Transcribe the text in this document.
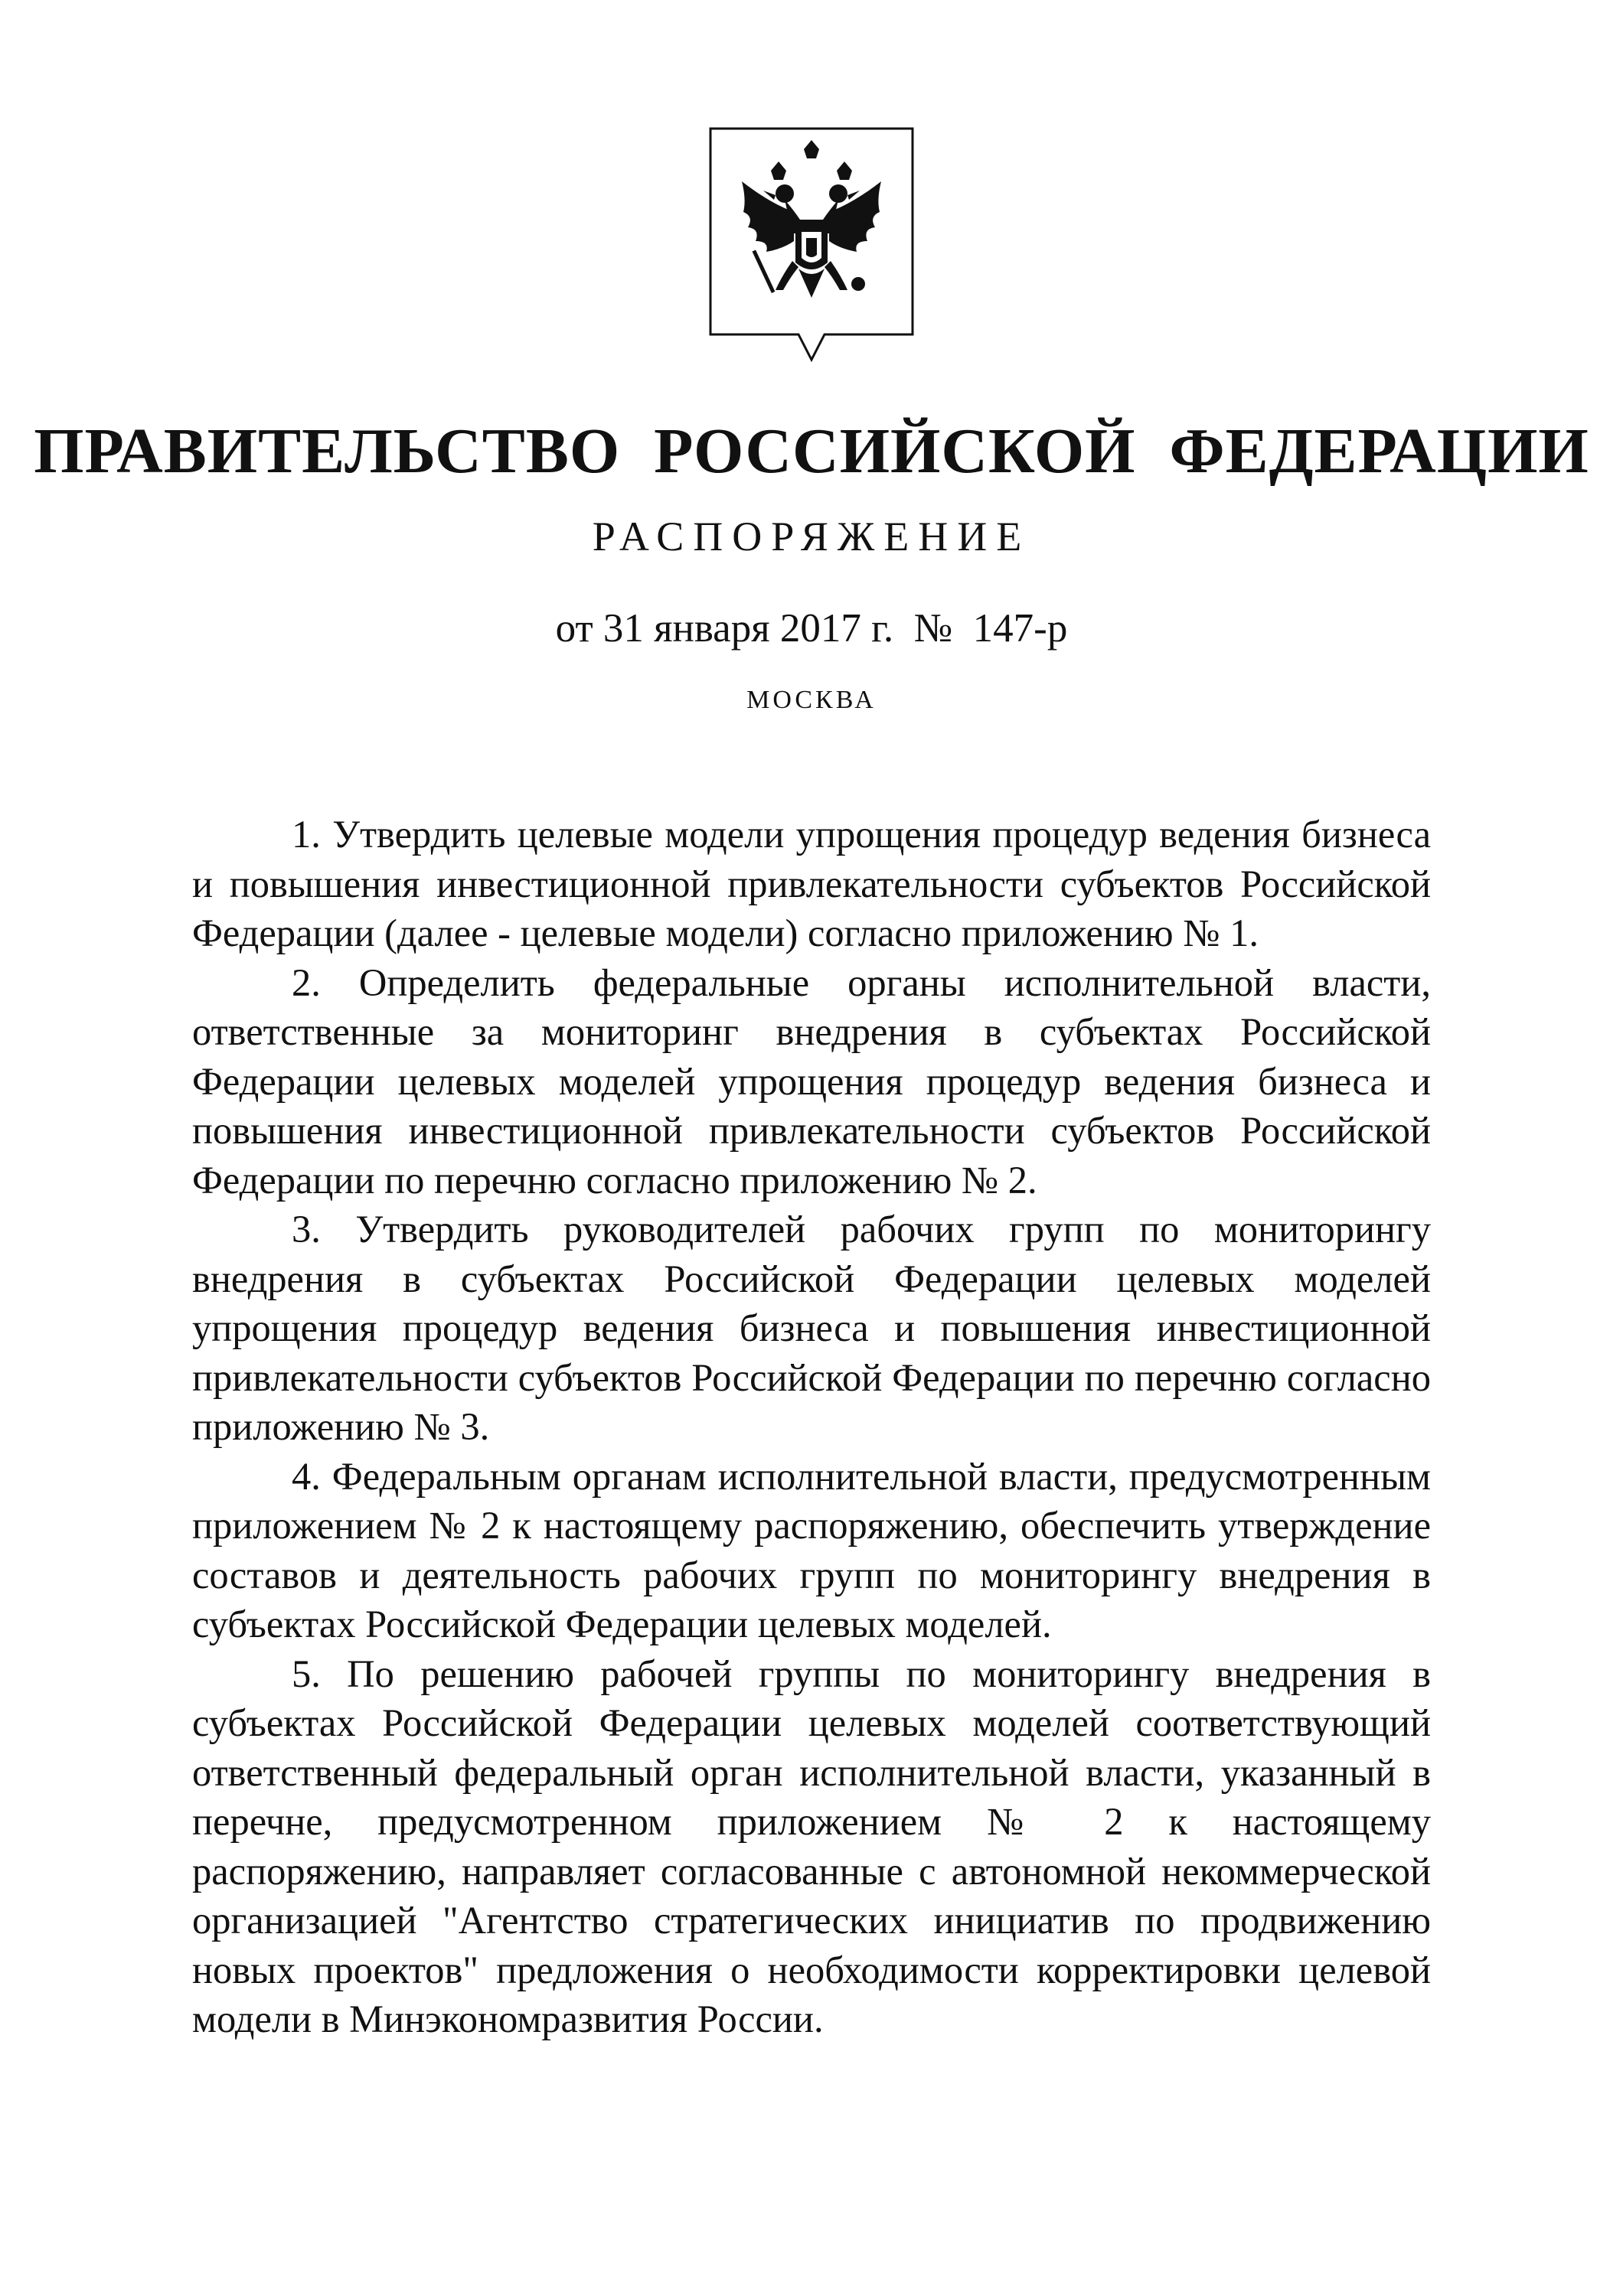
ПРАВИТЕЛЬСТВО РОССИЙСКОЙ ФЕДЕРАЦИИ
РАСПОРЯЖЕНИЕ
от 31 января 2017 г.  №  147-р
МОСКВА

1. Утвердить целевые модели упрощения процедур ведения бизнеса и повышения инвестиционной привлекательности субъектов Российской Федерации (далее - целевые модели) согласно приложению № 1.

2. Определить федеральные органы исполнительной власти, ответственные за мониторинг внедрения в субъектах Российской Федерации целевых моделей упрощения процедур ведения бизнеса и повышения инвестиционной привлекательности субъектов Российской Федерации по перечню согласно приложению № 2.

3. Утвердить руководителей рабочих групп по мониторингу внедрения в субъектах Российской Федерации целевых моделей упрощения процедур ведения бизнеса и повышения инвестиционной привлекательности субъектов Российской Федерации по перечню согласно приложению № 3.

4. Федеральным органам исполнительной власти, предусмотренным приложением № 2 к настоящему распоряжению, обеспечить утверждение составов и деятельность рабочих групп по мониторингу внедрения в субъектах Российской Федерации целевых моделей.

5. По решению рабочей группы по мониторингу внедрения в субъектах Российской Федерации целевых моделей соответствующий ответственный федеральный орган исполнительной власти, указанный в перечне, предусмотренном приложением № 2 к настоящему распоряжению, направляет согласованные с автономной некоммерческой организацией "Агентство стратегических инициатив по продвижению новых проектов" предложения о необходимости корректировки целевой модели в Минэкономразвития России.
